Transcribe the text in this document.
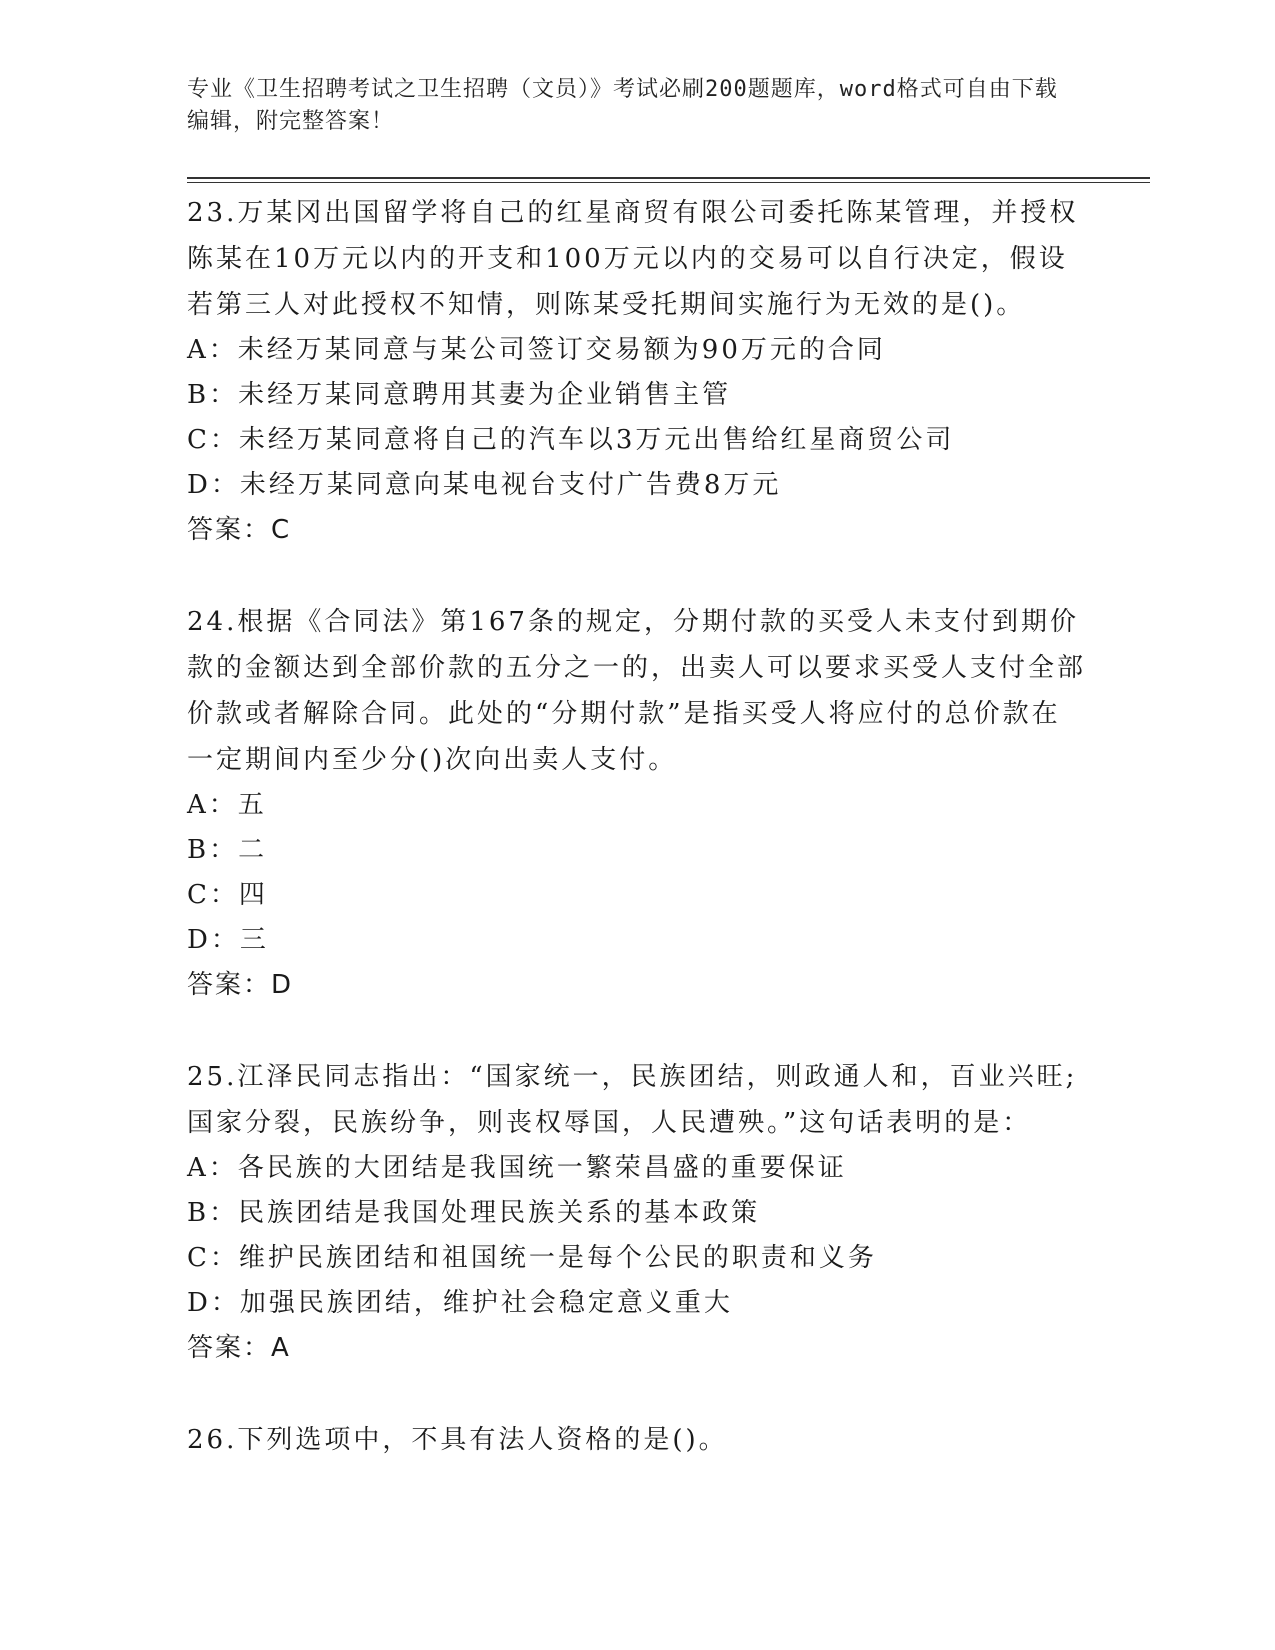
专业《卫生招聘考试之卫生招聘（文员）》考试必刷200题题库，word格式可自由下载编辑，附完整答案！

23.万某冈出国留学将自己的红星商贸有限公司委托陈某管理，并授权陈某在10万元以内的开支和100万元以内的交易可以自行决定，假设若第三人对此授权不知情，则陈某受托期间实施行为无效的是()。

A：未经万某同意与某公司签订交易额为90万元的合同

B：未经万某同意聘用其妻为企业销售主管

C：未经万某同意将自己的汽车以3万元出售给红星商贸公司

D：未经万某同意向某电视台支付广告费8万元

答案：C

24.根据《合同法》第167条的规定，分期付款的买受人未支付到期价款的金额达到全部价款的五分之一的，出卖人可以要求买受人支付全部价款或者解除合同。此处的“分期付款”是指买受人将应付的总价款在一定期间内至少分()次向出卖人支付。

A：五

B：二

C：四

D：三

答案：D

25.江泽民同志指出：“国家统一，民族团结，则政通人和，百业兴旺;国家分裂，民族纷争，则丧权辱国，人民遭殃。”这句话表明的是：

A：各民族的大团结是我国统一繁荣昌盛的重要保证

B：民族团结是我国处理民族关系的基本政策

C：维护民族团结和祖国统一是每个公民的职责和义务

D：加强民族团结，维护社会稳定意义重大

答案：A

26.下列选项中，不具有法人资格的是()。
